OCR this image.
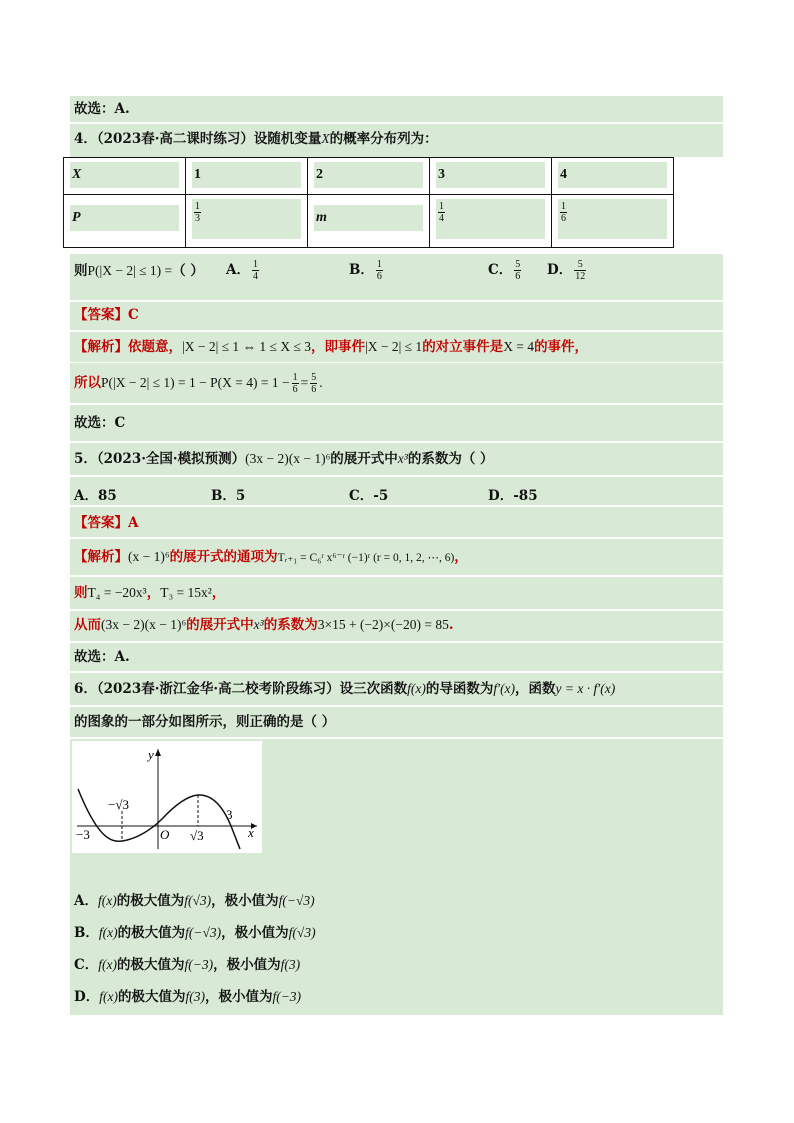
故选：A.
4．（2023春·高二课时练习）设随机变量X的概率分布列为：
X	1	2	3	4

P	$\frac{1}{3}$	m	$\frac{1}{4}$	$\frac{1}{6}$
则P(|X − 2| ≤ 1) =（ ） A． $\frac{1}{4}$	B． $\frac{1}{6}$	C． $\frac{5}{6}$ D． $\frac{5}{12}$
【答案】C
【解析】依题意，|X − 2| ≤ 1 ⇔ 1 ≤ X ≤ 3，即事件|X − 2| ≤ 1的对立事件是X = 4的事件，
所以$P(|X - 2| \le 1) = 1 - P(X = 4) = 1 - \frac{1}{6} = \frac{5}{6}$ .
故选：C
5．（2023·全国·模拟预测）(3x − 2)(x − 1)⁶的展开式中x³的系数为（ ）
A．85	B．5	C．-5	D．-85
【答案】A
【解析】(x − 1)⁶的展开式的通项为Tᵣ₊₁ = C₆ʳ x⁶⁻ʳ (−1)ʳ (r = 0, 1, 2, ⋯, 6)，
则T₄ = −20x³，T₃ = 15x²，
从而(3x − 2)(x − 1)⁶的展开式中x³的系数为3×15 + (−2)×(−20) = 85.
故选：A.
6．（2023春·浙江金华·高二校考阶段练习）设三次函数f(x)的导函数为f′(x)，函数y = x · f′(x)
的图象的一部分如图所示，则正确的是（ ）
y
x
O
−3
−√3
√3
3
A．f(x)的极大值为f(√3)，极小值为f(−√3)
B．f(x)的极大值为f(−√3)，极小值为f(√3)
C．f(x)的极大值为f(−3)，极小值为f(3)
D．f(x)的极大值为f(3)，极小值为f(−3)
